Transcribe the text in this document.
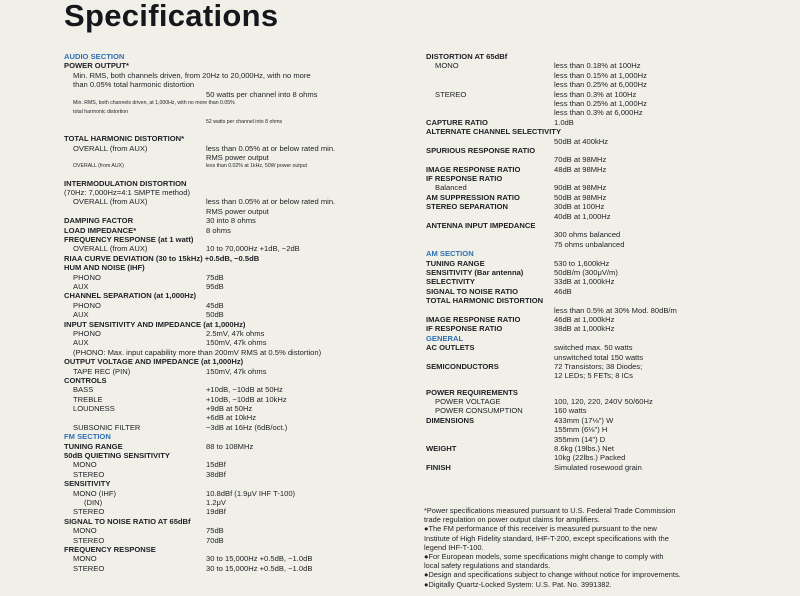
Specifications
AUDIO SECTION
POWER OUTPUT*
Min. RMS, both channels driven, from 20Hz to 20,000Hz, with no more
than 0.05% total harmonic distortion
50 watts per channel into 8 ohms
Min. RMS, both channels driven, at 1,000Hz, with no more than 0.05%
total harmonic distortion
52 watts per channel into 8 ohms
TOTAL HARMONIC DISTORTION*
OVERALL (from AUX)	less than 0.05% at or below rated min.
RMS power output
OVERALL (from AUX)	less than 0.02% at 1kHz, 50W power output
INTERMODULATION DISTORTION
(70Hz: 7,000Hz=4:1 SMPTE method)
OVERALL (from AUX)	less than 0.05% at or below rated min.
RMS power output
DAMPING FACTOR	30 into 8 ohms
LOAD IMPEDANCE*	8 ohms
FREQUENCY RESPONSE (at 1 watt)
OVERALL (from AUX)	10 to 70,000Hz +1dB, −2dB
RIAA CURVE DEVIATION (30 to 15kHz) +0.5dB, −0.5dB
HUM AND NOISE (IHF)
PHONO	75dB
AUX	95dB
CHANNEL SEPARATION (at 1,000Hz)
PHONO	45dB
AUX	50dB
INPUT SENSITIVITY AND IMPEDANCE (at 1,000Hz)
PHONO	2.5mV, 47k ohms
AUX	150mV, 47k ohms
(PHONO: Max. input capability more than 200mV RMS at 0.5% distortion)
OUTPUT VOLTAGE AND IMPEDANCE (at 1,000Hz)
TAPE REC (PIN)	150mV, 47k ohms
CONTROLS
BASS	+10dB, −10dB at 50Hz
TREBLE	+10dB, −10dB at 10kHz
LOUDNESS	+9dB at 50Hz
+6dB at 10kHz
SUBSONIC FILTER	−3dB at 16Hz (6dB/oct.)
FM SECTION
TUNING RANGE	88 to 108MHz
50dB QUIETING SENSITIVITY
MONO	15dBf
STEREO	38dBf
SENSITIVITY
MONO (IHF)	10.8dBf (1.9μV IHF T-100)
(DIN)	1.2μV
STEREO	19dBf
SIGNAL TO NOISE RATIO AT 65dBf
MONO	75dB
STEREO	70dB
FREQUENCY RESPONSE
MONO	30 to 15,000Hz +0.5dB, −1.0dB
STEREO	30 to 15,000Hz +0.5dB, −1.0dB
DISTORTION AT 65dBf
MONO	less than 0.18% at 100Hz
less than 0.15% at 1,000Hz
less than 0.25% at 6,000Hz
STEREO	less than 0.3% at 100Hz
less than 0.25% at 1,000Hz
less than 0.3% at 6,000Hz
CAPTURE RATIO	1.0dB
ALTERNATE CHANNEL SELECTIVITY
50dB at 400kHz
SPURIOUS RESPONSE RATIO
70dB at 98MHz
IMAGE RESPONSE RATIO	48dB at 98MHz
IF RESPONSE RATIO
Balanced	90dB at 98MHz
AM SUPPRESSION RATIO	50dB at 98MHz
STEREO SEPARATION	30dB at 100Hz
40dB at 1,000Hz
ANTENNA INPUT IMPEDANCE
300 ohms balanced
75 ohms unbalanced
AM SECTION
TUNING RANGE	530 to 1,600kHz
SENSITIVITY (Bar antenna)	50dB/m (300μV/m)
SELECTIVITY	33dB at 1,000kHz
SIGNAL TO NOISE RATIO	46dB
TOTAL HARMONIC DISTORTION
less than 0.5% at 30% Mod. 80dB/m
IMAGE RESPONSE RATIO	46dB at 1,000kHz
IF RESPONSE RATIO	38dB at 1,000kHz
GENERAL
AC OUTLETS	switched max. 50 watts
unswitched total 150 watts
SEMICONDUCTORS	72 Transistors; 38 Diodes;
12 LEDs; 5 FETs; 8 ICs
POWER REQUIREMENTS
POWER VOLTAGE	100, 120, 220, 240V 50/60Hz
POWER CONSUMPTION	160 watts
DIMENSIONS	433mm (17⅛") W
155mm (6⅛") H
355mm (14") D
WEIGHT	8.6kg (19lbs.) Net
10kg (22lbs.) Packed
FINISH	Simulated rosewood grain
*Power specifications measured pursuant to U.S. Federal Trade Commission
trade regulation on power output claims for amplifiers.
●The FM performance of this receiver is measured pursuant to the new
Institute of High Fidelity standard, IHF-T-200, except specifications with the
legend IHF-T-100.
●For European models, some specifications might change to comply with
local safety regulations and standards.
●Design and specifications subject to change without notice for improvements.
●Digitally Quartz-Locked System: U.S. Pat. No. 3991382.
